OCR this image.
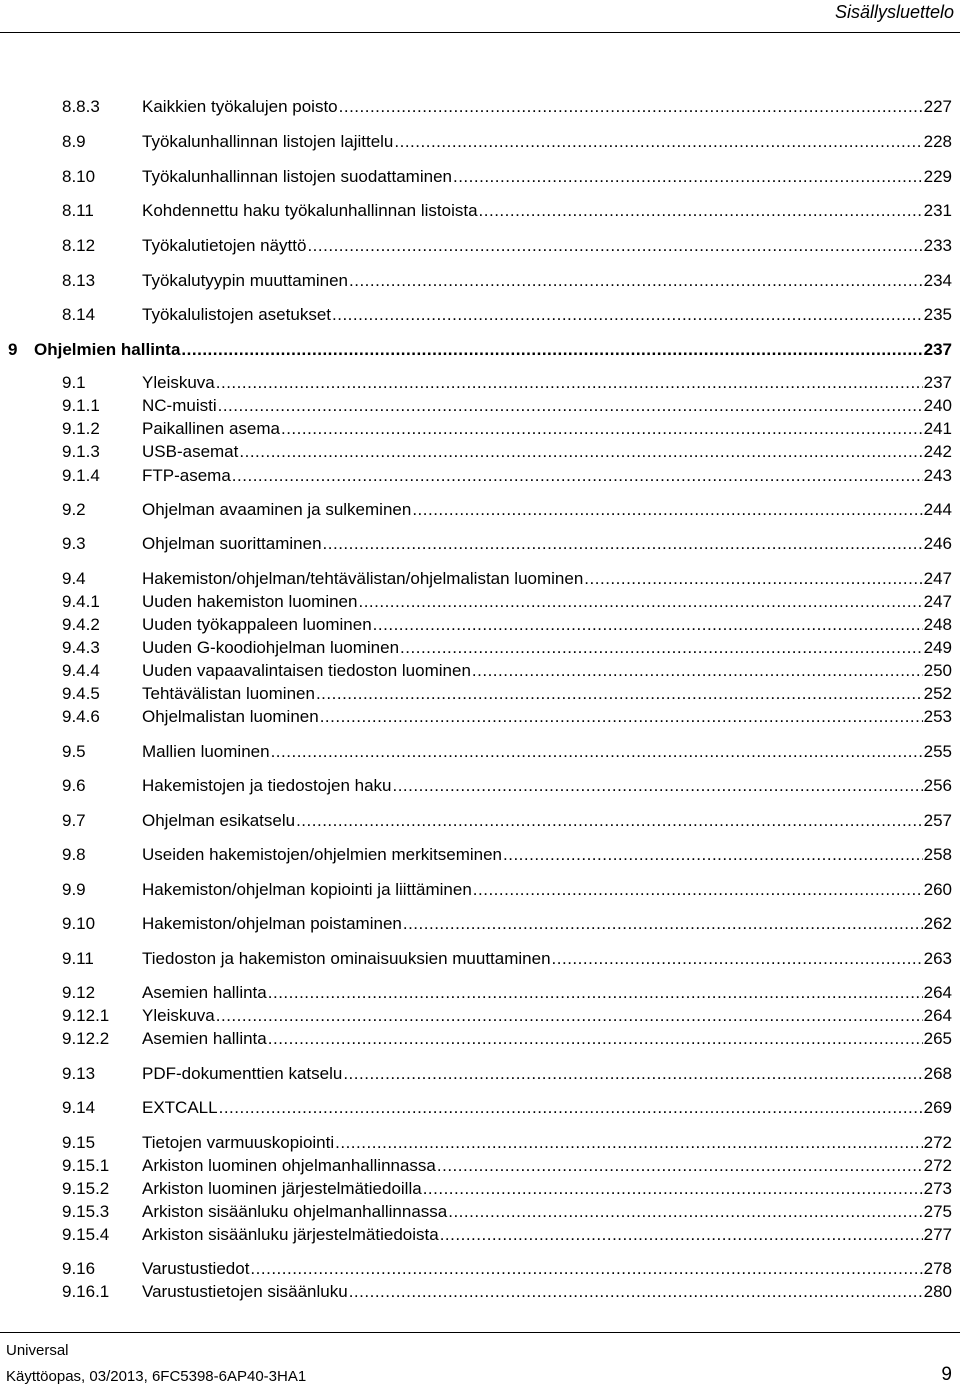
Sisällysluettelo
8.8.3 Kaikkien työkalujen poisto .....	227
8.9	Työkalunhallinnan listojen lajittelu .....	228
8.10	Työkalunhallinnan listojen suodattaminen .....	229
8.11	Kohdennettu haku työkalunhallinnan listoista .....	231
8.12	Työkalutietojen näyttö .....	233
8.13	Työkalutyypin muuttaminen .....	234
8.14	Työkalulistojen asetukset .....	235
9 Ohjelmien hallinta .....	237
9.1	Yleiskuva .....	237
9.1.1 NC-muisti .....	240
9.1.2 Paikallinen asema .....	241
9.1.3 USB-asemat .....	242
9.1.4 FTP-asema .....	243
9.2	Ohjelman avaaminen ja sulkeminen .....	244
9.3	Ohjelman suorittaminen .....	246
9.4	Hakemiston/ohjelman/tehtävälistan/ohjelmalistan luominen .....	247
9.4.1 Uuden hakemiston luominen .....	247
9.4.2 Uuden työkappaleen luominen .....	248
9.4.3 Uuden G-koodiohjelman luominen .....	249
9.4.4 Uuden vapaavalintaisen tiedoston luominen .....	250
9.4.5 Tehtävälistan luominen .....	252
9.4.6 Ohjelmalistan luominen .....	253
9.5	Mallien luominen .....	255
9.6	Hakemistojen ja tiedostojen haku .....	256
9.7	Ohjelman esikatselu .....	257
9.8	Useiden hakemistojen/ohjelmien merkitseminen .....	258
9.9	Hakemiston/ohjelman kopiointi ja liittäminen .....	260
9.10	Hakemiston/ohjelman poistaminen .....	262
9.11	Tiedoston ja hakemiston ominaisuuksien muuttaminen .....	263
9.12	Asemien hallinta .....	264
9.12.1 Yleiskuva .....	264
9.12.2 Asemien hallinta .....	265
9.13	PDF-dokumenttien katselu .....	268
9.14	EXTCALL .....	269
9.15	Tietojen varmuuskopiointi .....	272
9.15.1 Arkiston luominen ohjelmanhallinnassa .....	272
9.15.2 Arkiston luominen järjestelmätiedoilla .....	273
9.15.3 Arkiston sisäänluku ohjelmanhallinnassa .....	275
9.15.4 Arkiston sisäänluku järjestelmätiedoista .....	277
9.16	Varustustiedot .....	278
9.16.1 Varustustietojen sisäänluku .....	280
Universal
Käyttöopas, 03/2013, 6FC5398-6AP40-3HA1	9
